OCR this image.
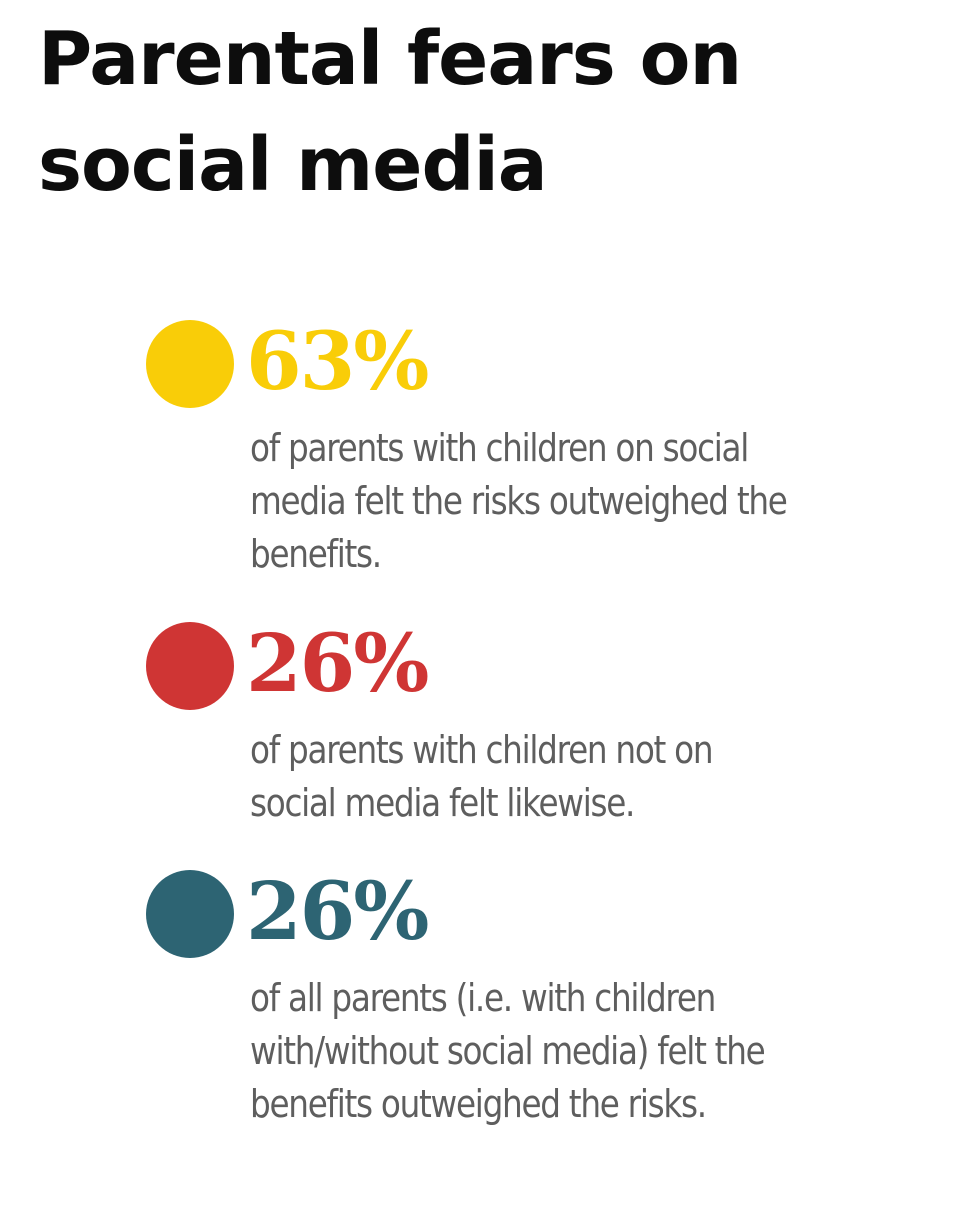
Parental fears on social media

63%

of parents with children on social media felt the risks outweighed the benefits.

26%

of parents with children not on social media felt likewise.

26%

of all parents (i.e. with children with/without social media) felt the benefits outweighed the risks.
